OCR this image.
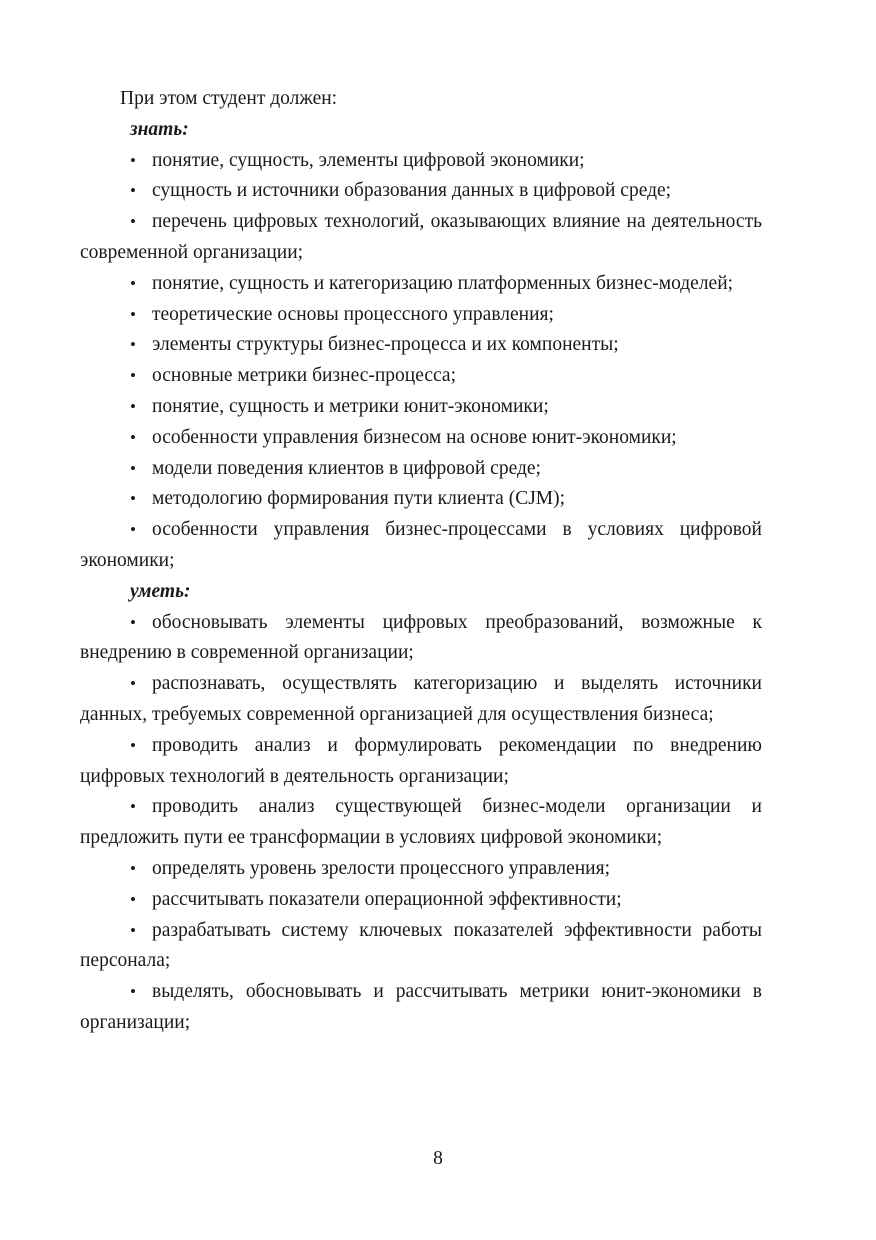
При этом студент должен:

знать:

• понятие, сущность, элементы цифровой экономики;

• сущность и источники образования данных в цифровой среде;

• перечень цифровых технологий, оказывающих влияние на деятельность современной организации;

• понятие, сущность и категоризацию платформенных бизнес-моделей;

• теоретические основы процессного управления;

• элементы структуры бизнес-процесса и их компоненты;

• основные метрики бизнес-процесса;

• понятие, сущность и метрики юнит-экономики;

• особенности управления бизнесом на основе юнит-экономики;

• модели поведения клиентов в цифровой среде;

• методологию формирования пути клиента (CJM);

• особенности управления бизнес-процессами в условиях цифровой экономики;

уметь:

• обосновывать элементы цифровых преобразований, возможные к внедрению в современной организации;

• распознавать, осуществлять категоризацию и выделять источники данных, требуемых современной организацией для осуществления бизнеса;

• проводить анализ и формулировать рекомендации по внедрению цифровых технологий в деятельность организации;

• проводить анализ существующей бизнес-модели организации и предложить пути ее трансформации в условиях цифровой экономики;

• определять уровень зрелости процессного управления;

• рассчитывать показатели операционной эффективности;

• разрабатывать систему ключевых показателей эффективности работы персонала;

• выделять, обосновывать и рассчитывать метрики юнит-экономики в организации;

8
